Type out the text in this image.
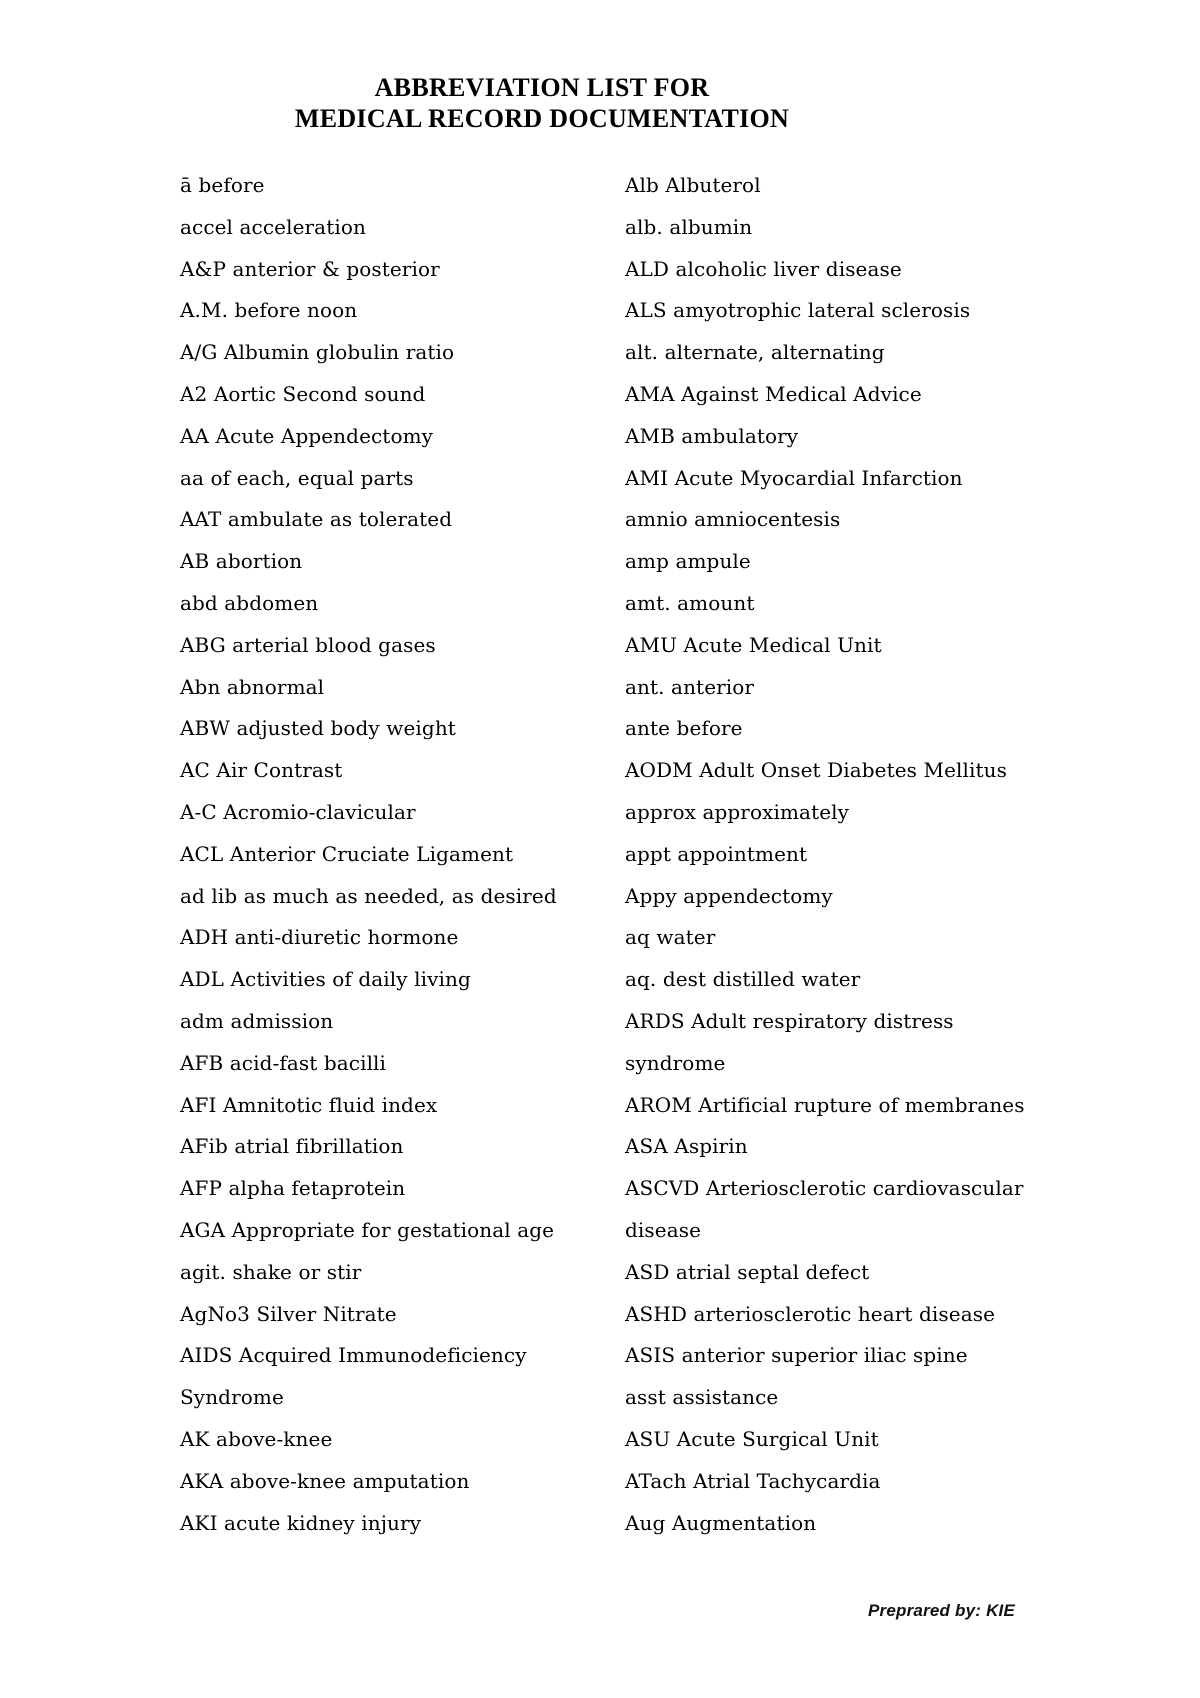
ABBREVIATION LIST FOR
MEDICAL RECORD DOCUMENTATION
ā before
accel acceleration
A&P anterior & posterior
A.M. before noon
A/G Albumin globulin ratio
A2 Aortic Second sound
AA Acute Appendectomy
aa of each, equal parts
AAT ambulate as tolerated
AB abortion
abd abdomen
ABG arterial blood gases
Abn abnormal
ABW adjusted body weight
AC Air Contrast
A-C Acromio-clavicular
ACL Anterior Cruciate Ligament
ad lib as much as needed, as desired
ADH anti-diuretic hormone
ADL Activities of daily living
adm admission
AFB acid-fast bacilli
AFI Amnitotic fluid index
AFib atrial fibrillation
AFP alpha fetaprotein
AGA Appropriate for gestational age
agit. shake or stir
AgNo3 Silver Nitrate
AIDS Acquired Immunodeficiency
Syndrome
AK above-knee
AKA above-knee amputation
AKI acute kidney injury
Alb Albuterol
alb. albumin
ALD alcoholic liver disease
ALS amyotrophic lateral sclerosis
alt. alternate, alternating
AMA Against Medical Advice
AMB ambulatory
AMI Acute Myocardial Infarction
amnio amniocentesis
amp ampule
amt. amount
AMU Acute Medical Unit
ant. anterior
ante before
AODM Adult Onset Diabetes Mellitus
approx approximately
appt appointment
Appy appendectomy
aq water
aq. dest distilled water
ARDS Adult respiratory distress
syndrome
AROM Artificial rupture of membranes
ASA Aspirin
ASCVD Arteriosclerotic cardiovascular
disease
ASD atrial septal defect
ASHD arteriosclerotic heart disease
ASIS anterior superior iliac spine
asst assistance
ASU Acute Surgical Unit
ATach Atrial Tachycardia
Aug Augmentation
Preprared by: KIE
